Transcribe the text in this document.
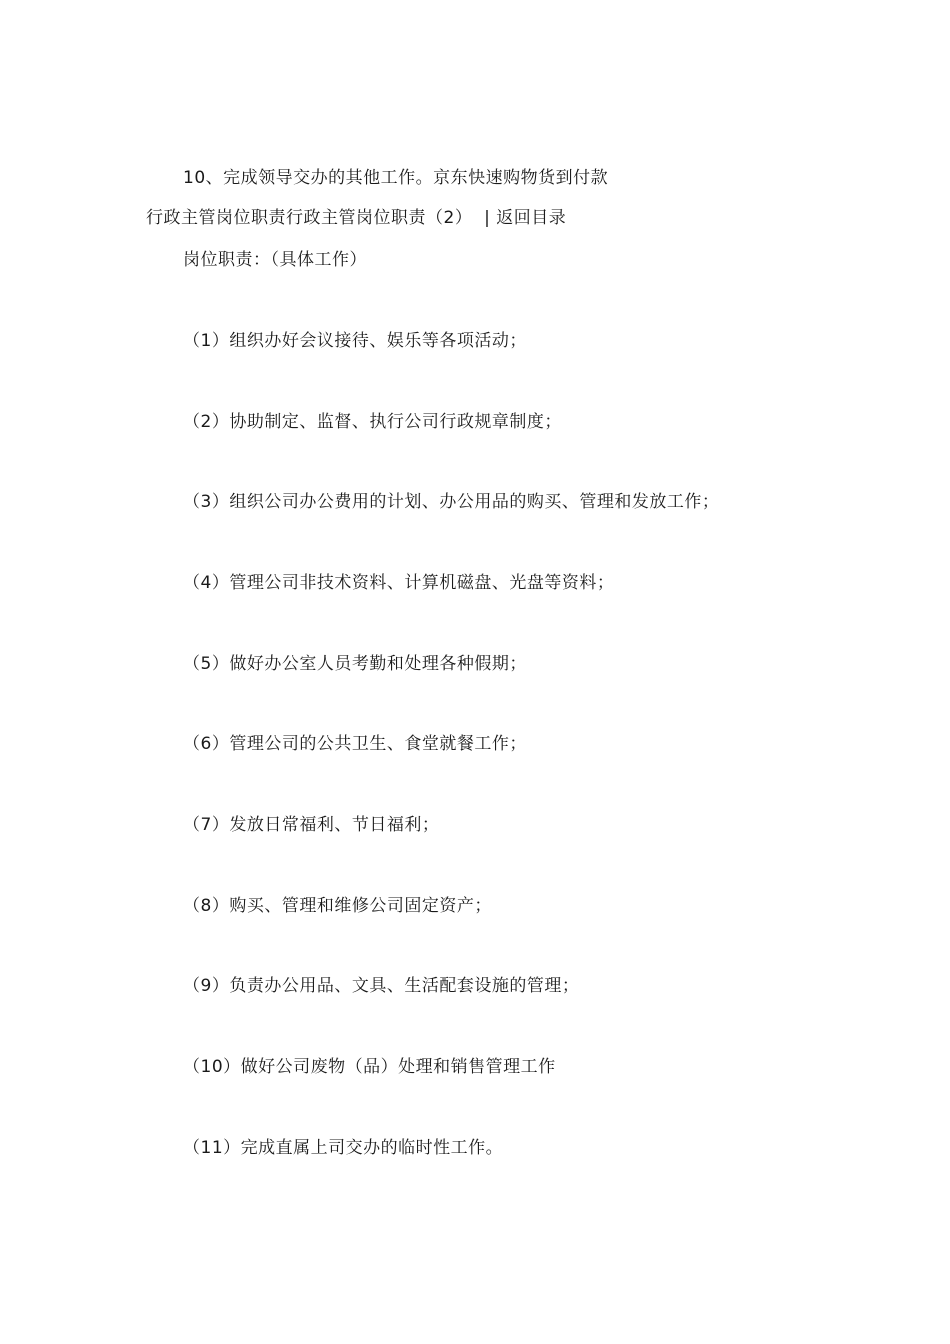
10、完成领导交办的其他工作。京东快速购物货到付款
行政主管岗位职责行政主管岗位职责（2） | 返回目录
岗位职责：（具体工作）
（1）组织办好会议接待、娱乐等各项活动；
（2）协助制定、监督、执行公司行政规章制度；
（3）组织公司办公费用的计划、办公用品的购买、管理和发放工作；
（4）管理公司非技术资料、计算机磁盘、光盘等资料；
（5）做好办公室人员考勤和处理各种假期；
（6）管理公司的公共卫生、食堂就餐工作；
（7）发放日常福利、节日福利；
（8）购买、管理和维修公司固定资产；
（9）负责办公用品、文具、生活配套设施的管理；
（10）做好公司废物（品）处理和销售管理工作
（11）完成直属上司交办的临时性工作。
